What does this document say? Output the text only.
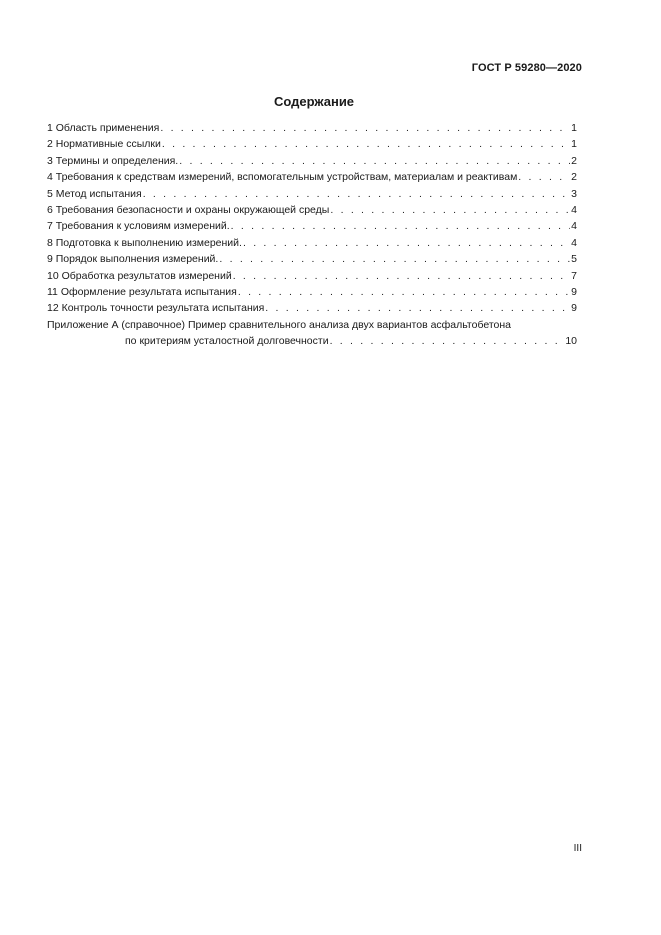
ГОСТ Р 59280—2020
Содержание
1 Область применения . . .	1
2 Нормативные ссылки . . .	1
3 Термины и определения. . . .	2
4 Требования к средствам измерений, вспомогательным устройствам, материалам и реактивам . . .	2
5 Метод испытания . . .	3
6 Требования безопасности и охраны окружающей среды . . .	4
7 Требования к условиям измерений. . . .	4
8 Подготовка к выполнению измерений. . . .	4
9 Порядок выполнения измерений. . . .	5
10 Обработка результатов измерений . . .	7
11 Оформление результата испытания . . .	9
12 Контроль точности результата испытания . . .	9
Приложение А (справочное) Пример сравнительного анализа двух вариантов асфальтобетона
по критериям усталостной долговечности . . .	10
III
